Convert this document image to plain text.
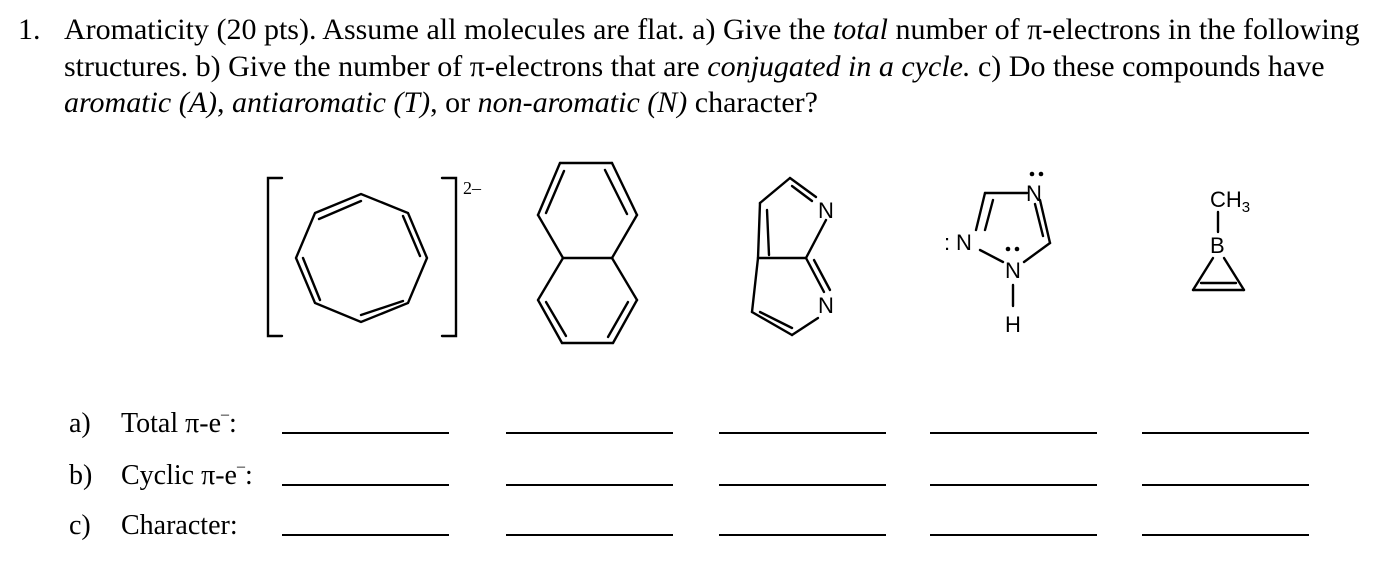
1. Aromaticity (20 pts). Assume all molecules are flat. a) Give the total number of π-electrons in the following structures. b) Give the number of π-electrons that are conjugated in a cycle. c) Do these compounds have aromatic (A), antiaromatic (T), or non-aromatic (N) character?
2–
N
N
N
: N
N
H
$CH_3$
B
a) Total π-e–:
b) Cyclic π-e–:
c) Character:
